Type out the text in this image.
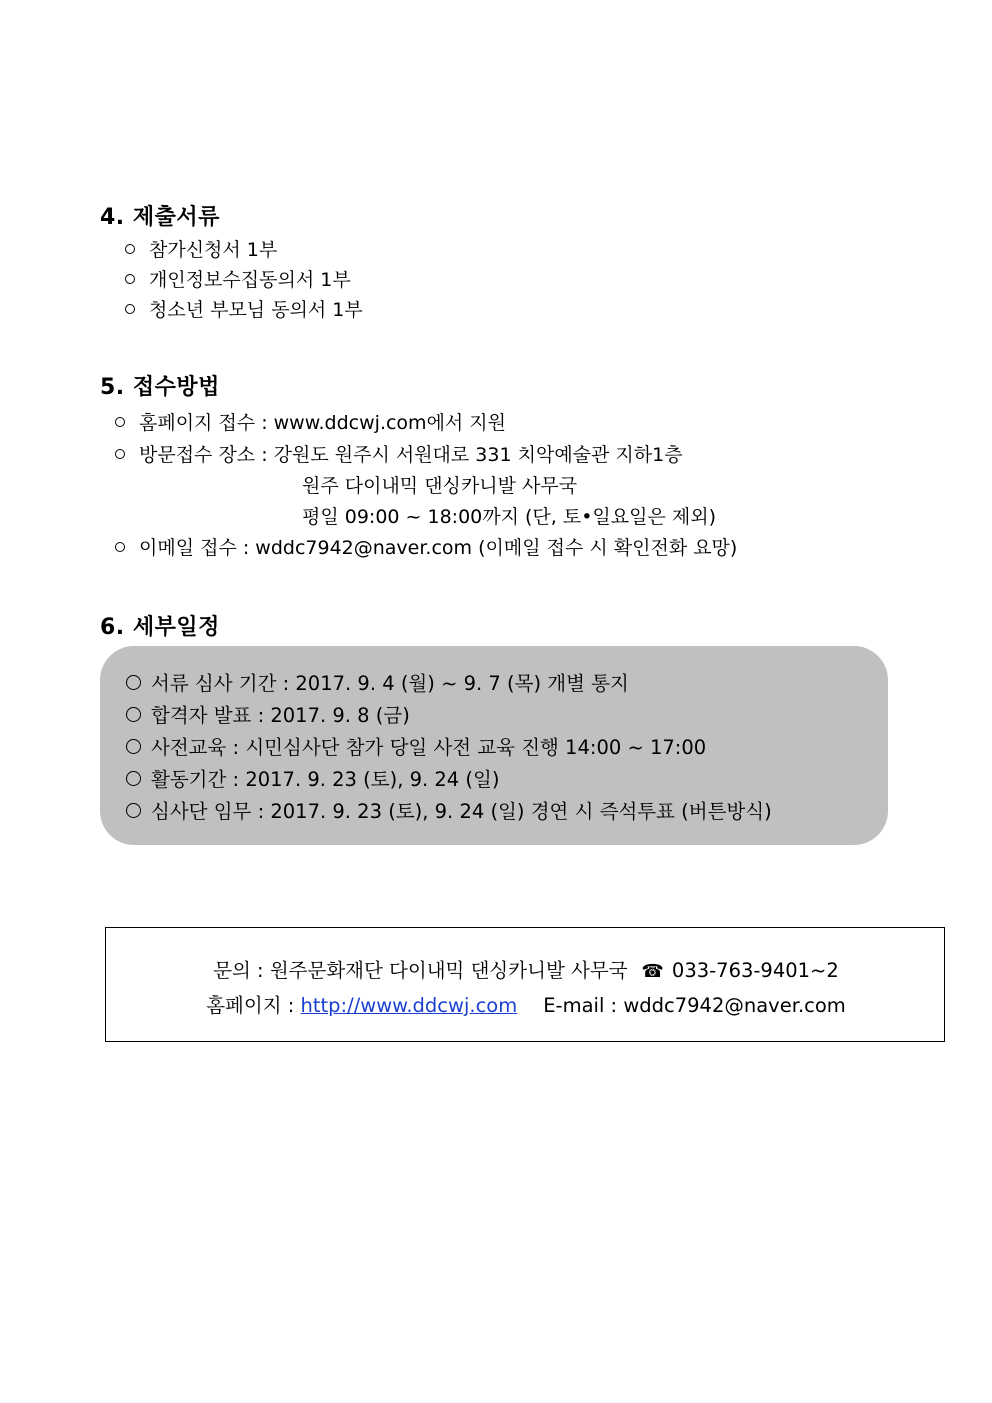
4. 제출서류
참가신청서 1부
개인정보수집동의서 1부
청소년 부모님 동의서 1부
5. 접수방법
홈페이지 접수 : www.ddcwj.com에서 지원
방문접수 장소 : 강원도 원주시 서원대로 331 치악예술관 지하1층
원주 다이내믹 댄싱카니발 사무국
평일 09:00 ~ 18:00까지 (단, 토•일요일은 제외)
이메일 접수 : wddc7942@naver.com (이메일 접수 시 확인전화 요망)
6. 세부일정
서류 심사 기간 : 2017. 9. 4 (월) ~ 9. 7 (목) 개별 통지
합격자 발표 : 2017. 9. 8 (금)
사전교육 : 시민심사단 참가 당일 사전 교육 진행 14:00 ~ 17:00
활동기간 : 2017. 9. 23 (토), 9. 24 (일)
심사단 임무 : 2017. 9. 23 (토), 9. 24 (일) 경연 시 즉석투표 (버튼방식)
문의 : 원주문화재단 다이내믹 댄싱카니발 사무국 ☎ 033-763-9401~2
홈페이지 : http://www.ddcwj.com E-mail : wddc7942@naver.com
